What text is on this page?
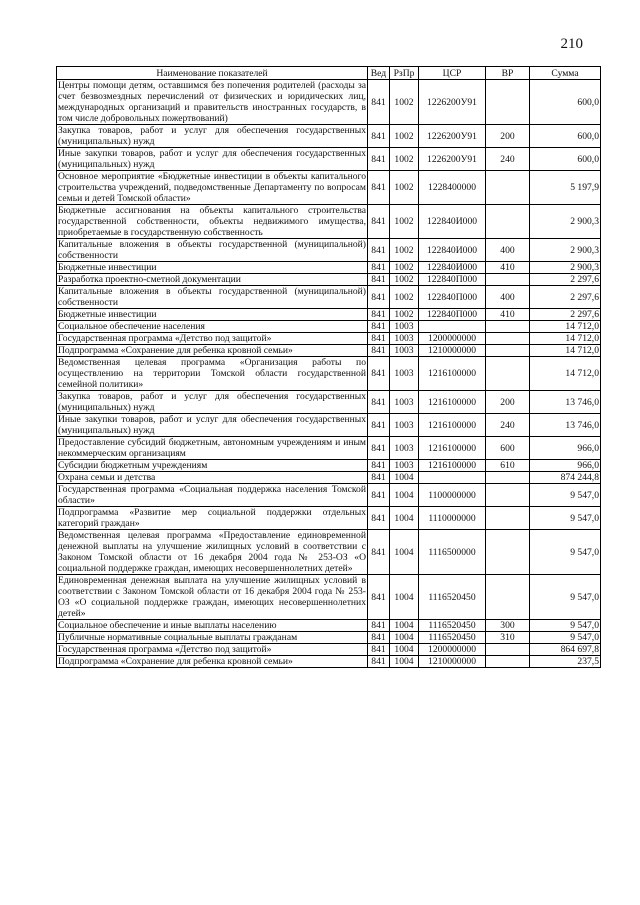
210
Наименование показателей	Вед	РзПр	ЦСР	ВР	Сумма
Центры помощи детям, оставшимся без попечения родителей (расходы за счет безвозмездных перечислений от физических и юридических лиц, международных организаций и правительств иностранных государств, в том числе добровольных пожертвований)	841	1002	1226200У91		600,0
Закупка товаров, работ и услуг для обеспечения государственных (муниципальных) нужд	841	1002	1226200У91	200	600,0
Иные закупки товаров, работ и услуг для обеспечения государственных (муниципальных) нужд	841	1002	1226200У91	240	600,0
Основное мероприятие «Бюджетные инвестиции в объекты капитального строительства учреждений, подведомственные Департаменту по вопросам семьи и детей Томской области»	841	1002	1228400000		5 197,9
Бюджетные ассигнования на объекты капитального строительства государственной собственности, объекты недвижимого имущества, приобретаемые в государственную собственность	841	1002	122840И000		2 900,3
Капитальные вложения в объекты государственной (муниципальной) собственности	841	1002	122840И000	400	2 900,3
Бюджетные инвестиции	841	1002	122840И000	410	2 900,3
Разработка проектно-сметной документации	841	1002	122840П000		2 297,6
Капитальные вложения в объекты государственной (муниципальной) собственности	841	1002	122840П000	400	2 297,6
Бюджетные инвестиции	841	1002	122840П000	410	2 297,6
Социальное обеспечение населения	841	1003			14 712,0
Государственная программа «Детство под защитой»	841	1003	1200000000		14 712,0
Подпрограмма «Сохранение для ребенка кровной семьи»	841	1003	1210000000		14 712,0
Ведомственная целевая программа «Организация работы по осуществлению на территории Томской области государственной семейной политики»	841	1003	1216100000		14 712,0
Закупка товаров, работ и услуг для обеспечения государственных (муниципальных) нужд	841	1003	1216100000	200	13 746,0
Иные закупки товаров, работ и услуг для обеспечения государственных (муниципальных) нужд	841	1003	1216100000	240	13 746,0
Предоставление субсидий бюджетным, автономным учреждениям и иным некоммерческим организациям	841	1003	1216100000	600	966,0
Субсидии бюджетным учреждениям	841	1003	1216100000	610	966,0
Охрана семьи и детства	841	1004			874 244,8
Государственная программа «Социальная поддержка населения Томской области»	841	1004	1100000000		9 547,0
Подпрограмма «Развитие мер социальной поддержки отдельных категорий граждан»	841	1004	1110000000		9 547,0
Ведомственная целевая программа «Предоставление единовременной денежной выплаты на улучшение жилищных условий в соответствии с Законом Томской области от 16 декабря 2004 года № 253-ОЗ «О социальной поддержке граждан, имеющих несовершеннолетних детей»	841	1004	1116500000		9 547,0
Единовременная денежная выплата на улучшение жилищных условий в соответствии с Законом Томской области от 16 декабря 2004 года № 253-ОЗ «О социальной поддержке граждан, имеющих несовершеннолетних детей»	841	1004	1116520450		9 547,0
Социальное обеспечение и иные выплаты населению	841	1004	1116520450	300	9 547,0
Публичные нормативные социальные выплаты гражданам	841	1004	1116520450	310	9 547,0
Государственная программа «Детство под защитой»	841	1004	1200000000		864 697,8
Подпрограмма «Сохранение для ребенка кровной семьи»	841	1004	1210000000		237,5
